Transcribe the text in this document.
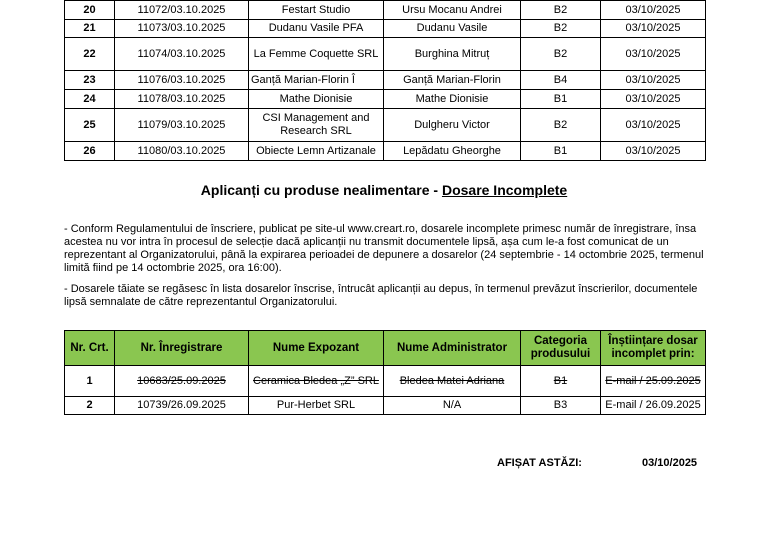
20	11072/03.10.2025	Festart Studio	Ursu Mocanu Andrei	B2	03/10/2025
21	11073/03.10.2025	Dudanu Vasile PFA	Dudanu Vasile	B2	03/10/2025
22	11074/03.10.2025	La Femme Coquette SRL	Burghina Mitruț	B2	03/10/2025
23	11076/03.10.2025	Ganță Marian-Florin Î	Ganță Marian-Florin	B4	03/10/2025
24	11078/03.10.2025	Mathe Dionisie	Mathe Dionisie	B1	03/10/2025
25	11079/03.10.2025	CSI Management and Research SRL	Dulgheru Victor	B2	03/10/2025
26	11080/03.10.2025	Obiecte Lemn Artizanale	Lepădatu Gheorghe	B1	03/10/2025
Aplicanți cu produse nealimentare - Dosare Incomplete
- Conform Regulamentului de înscriere, publicat pe site-ul www.creart.ro, dosarele incomplete primesc număr de înregistrare, însa acestea nu vor intra în procesul de selecție dacă aplicanții nu transmit documentele lipsă, așa cum le-a fost comunicat de un reprezentant al Organizatorului, până la expirarea perioadei de depunere a dosarelor (24 septembrie - 14 octombrie 2025, termenul limită fiind pe 14 octombrie 2025, ora 16:00).
- Dosarele tăiate se regăsesc în lista dosarelor înscrise, întrucât aplicanții au depus, în termenul prevăzut înscrierilor, documentele lipsă semnalate de către reprezentantul Organizatorului.
Nr. Crt.	Nr. Înregistrare	Nume Expozant	Nume Administrator	Categoria produsului	Înștiințare dosar incomplet prin:
1	10683/25.09.2025	Ceramica Bledea „Z” SRL	Bledea Matei Adriana	B1	E-mail / 25.09.2025
2	10739/26.09.2025	Pur-Herbet SRL	N/A	B3	E-mail / 26.09.2025
AFIȘAT ASTĂZI:	03/10/2025
